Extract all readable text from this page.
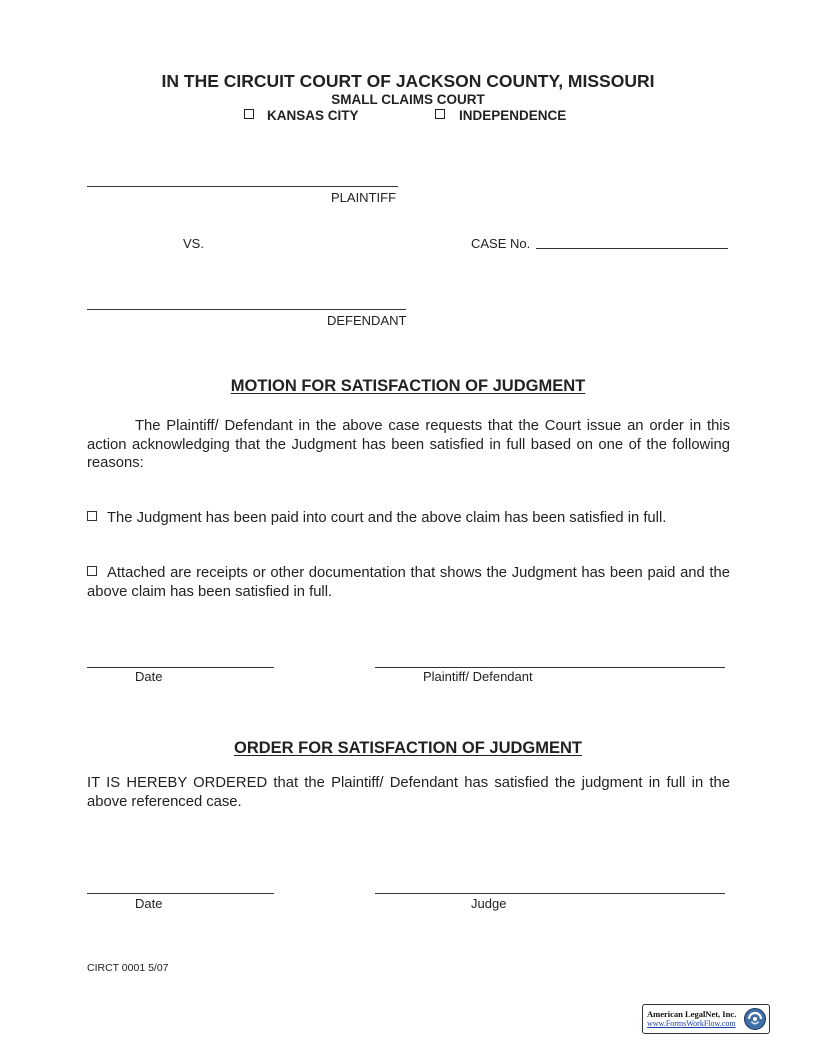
IN THE CIRCUIT COURT OF JACKSON COUNTY, MISSOURI
SMALL CLAIMS COURT
KANSAS CITY	INDEPENDENCE
PLAINTIFF
VS.	CASE No.
DEFENDANT
MOTION FOR SATISFACTION OF JUDGMENT
The Plaintiff/ Defendant in the above case requests that the Court issue an order in this action acknowledging that the Judgment has been satisfied in full based on one of the following reasons:
The Judgment has been paid into court and the above claim has been satisfied in full.
Attached are receipts or other documentation that shows the Judgment has been paid and the above claim has been satisfied in full.
Date	Plaintiff/ Defendant
ORDER FOR SATISFACTION OF JUDGMENT
IT IS HEREBY ORDERED that the Plaintiff/ Defendant has satisfied the judgment in full in the above referenced case.
Date	Judge
CIRCT 0001 5/07
American LegalNet, Inc.
www.FormsWorkFlow.com
